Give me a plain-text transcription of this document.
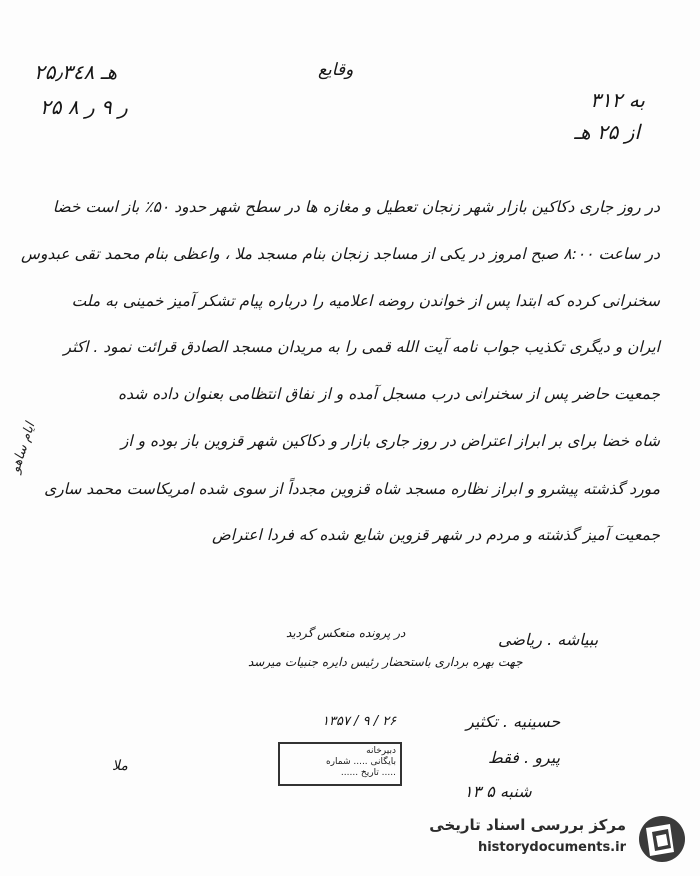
۲۵٫۳٤۸ هـ
۲۵ ر ۹ ر ۸
وقایع
به ۳۱۲
از ۲۵ هـ
در روز جاری دکاکین بازار شهر زنجان تعطیل و مغازه ها در سطح شهر حدود ۵۰٪ باز است خضا
در ساعت ۸:۰۰ صبح امروز در یکی از مساجد زنجان بنام مسجد ملا ، واعظی بنام محمد تقی عبدوس
سخنرانی کرده که ابتدا پس از خواندن روضه اعلامیه را درباره پیام تشکر آمیز خمینی به ملت
ایران و دیگری تکذیب جواب نامه آیت الله قمی را به مریدان مسجد الصادق قرائت نمود . اکثر
جمعیت حاضر پس از سخنرانی درب مسجل آمده و از نفاق انتظامی بعنوان داده شده
شاه خضا برای بر ابراز اعتراض در روز جاری بازار و دکاکین شهر قزوین باز بوده و از
مورد گذشته پیشرو و ابراز نظاره مسجد شاه قزوین مجدداً از سوی شده امریکاست محمد ساری
جمعیت آمیز گذشته و مردم در شهر قزوین شایع شده که فردا اعتراض
ایام ساهو
ببیاشه . ریاضی
در پرونده منعکس گردید
جهت بهره برداری باستحضار رئیس دایره جنبیات میرسد
۱۳۵۷ / ۹ / ۲۶
دبیرخانه
بایگانی ..... شماره
..... تاریخ ......
ملا
حسینیه . تکثیر
پیرو . فقط
شنبه ۵ ۱۳
مرکز بررسی اسناد تاریخی
historydocuments.ir
